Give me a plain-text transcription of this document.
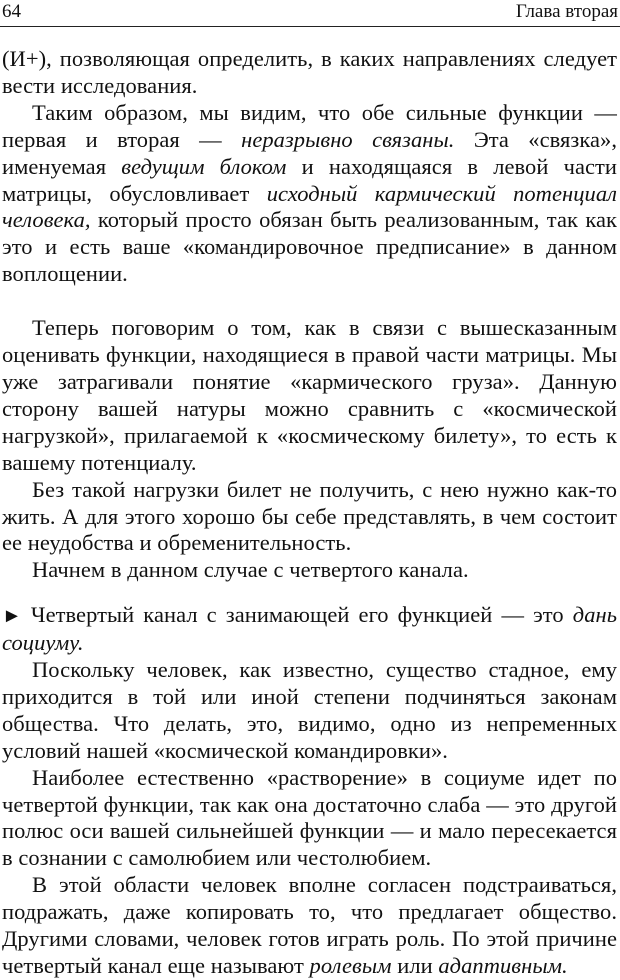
64	Глава вторая

(И+), позволяющая определить, в каких направлениях следует вести исследования.

Таким образом, мы видим, что обе сильные функции — первая и вторая — неразрывно связаны. Эта «связка», именуемая ведущим блоком и находящаяся в левой части матрицы, обусловливает исходный кармический потенциал человека, который просто обязан быть реализованным, так как это и есть ваше «командировочное предписание» в данном воплощении.

Теперь поговорим о том, как в связи с вышесказанным оценивать функции, находящиеся в правой части матрицы. Мы уже затрагивали понятие «кармического груза». Данную сторону вашей натуры можно сравнить с «космической нагрузкой», прилагаемой к «космическому билету», то есть к вашему потенциалу.

Без такой нагрузки билет не получить, с нею нужно как-то жить. А для этого хорошо бы себе представлять, в чем состоит ее неудобства и обременительность.

Начнем в данном случае с четвертого канала.

► Четвертый канал с занимающей его функцией — это дань социуму.

Поскольку человек, как известно, существо стадное, ему приходится в той или иной степени подчиняться законам общества. Что делать, это, видимо, одно из непременных условий нашей «космической командировки».

Наиболее естественно «растворение» в социуме идет по четвертой функции, так как она достаточно слаба — это другой полюс оси вашей сильнейшей функции — и мало пересекается в сознании с самолюбием или честолюбием.

В этой области человек вполне согласен подстраиваться, подражать, даже копировать то, что предлагает общество. Другими словами, человек готов играть роль. По этой причине четвертый канал еще называют ролевым или адаптивным.
